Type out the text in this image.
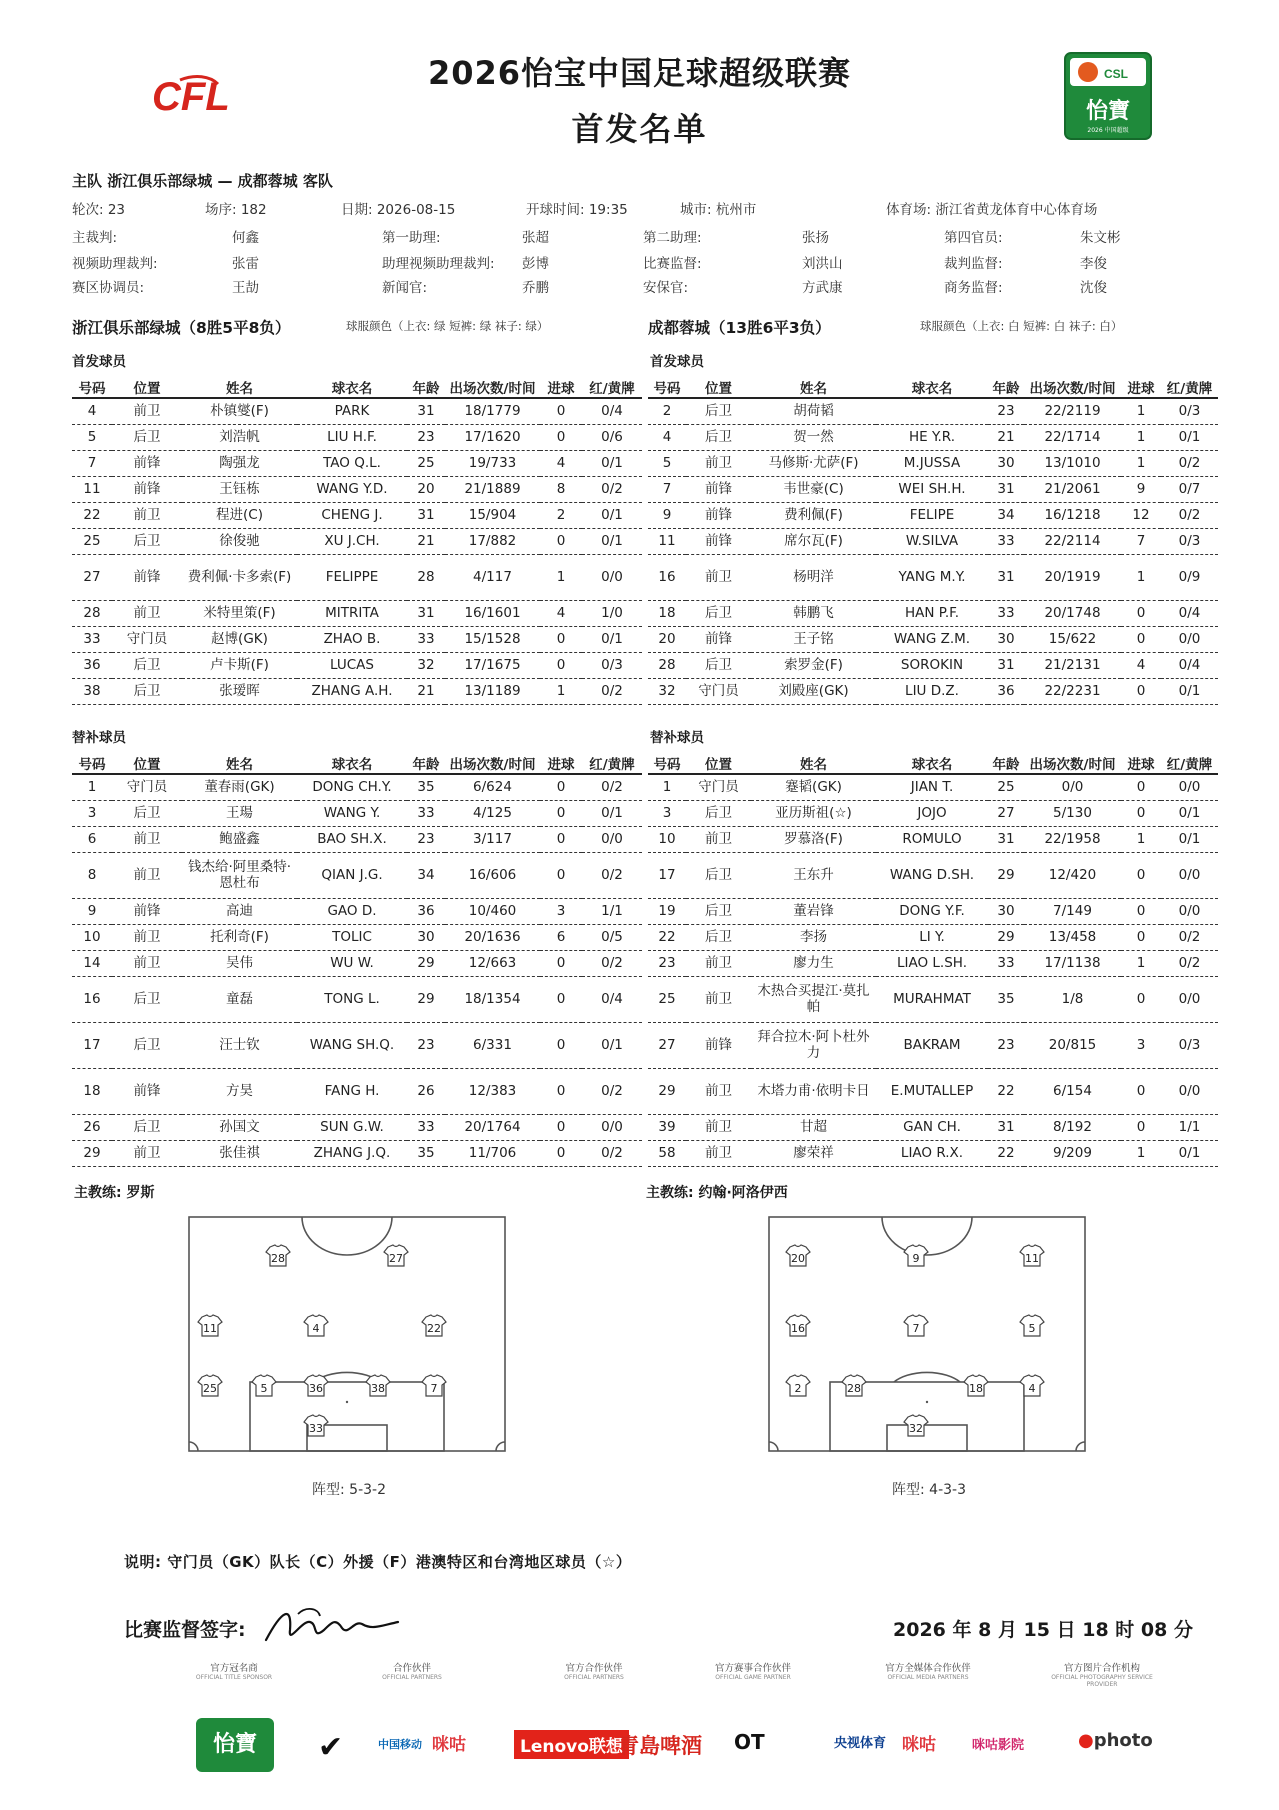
CFL
2026怡宝中国足球超级联赛
首发名单
CSL
怡寶
2026 中国超级
主队 浙江俱乐部绿城 — 成都蓉城 客队
轮次: 23	场序: 182	日期: 2026-08-15	开球时间: 19:35	城市: 杭州市	体育场: 浙江省黄龙体育中心体育场
主裁判:	何鑫	第一助理:	张超	第二助理:	张扬	第四官员:	朱文彬
视频助理裁判:	张雷	助理视频助理裁判: 彭博	比赛监督:	刘洪山	裁判监督:	李俊
赛区协调员:	王劼	新闻官:	乔鹏	安保官:	方武康	商务监督:	沈俊
浙江俱乐部绿城（8胜5平8负）	球服颜色（上衣: 绿 短裤: 绿 袜子: 绿）	成都蓉城（13胜6平3负）	球服颜色（上衣: 白 短裤: 白 袜子: 白）
首发球员	首发球员
号码	位置	姓名	球衣名	年龄	出场次数/时间	进球	红/黄牌
4	前卫	朴镇燮(F)	PARK	31	18/1779	0	0/4
5	后卫	刘浩帆	LIU H.F.	23	17/1620	0	0/6
7	前锋	陶强龙	TAO Q.L.	25	19/733	4	0/1
11	前锋	王钰栋	WANG Y.D.	20	21/1889	8	0/2
22	前卫	程进(C)	CHENG J.	31	15/904	2	0/1
25	后卫	徐俊驰	XU J.CH.	21	17/882	0	0/1
27	前锋	费利佩·卡多索(F)	FELIPPE	28	4/117	1	0/0
28	前卫	米特里策(F)	MITRITA	31	16/1601	4	1/0
33	守门员	赵博(GK)	ZHAO B.	33	15/1528	0	0/1
36	后卫	卢卡斯(F)	LUCAS	32	17/1675	0	0/3
38	后卫	张瑷晖	ZHANG A.H.	21	13/1189	1	0/2
号码	位置	姓名	球衣名	年龄	出场次数/时间	进球	红/黄牌
2	后卫	胡荷韬		23	22/2119	1	0/3
4	后卫	贺一然	HE Y.R.	21	22/1714	1	0/1
5	前卫	马修斯·尤萨(F)	M.JUSSA	30	13/1010	1	0/2
7	前锋	韦世豪(C)	WEI SH.H.	31	21/2061	9	0/7
9	前锋	费利佩(F)	FELIPE	34	16/1218	12	0/2
11	前锋	席尔瓦(F)	W.SILVA	33	22/2114	7	0/3
16	前卫	杨明洋	YANG M.Y.	31	20/1919	1	0/9
18	后卫	韩鹏飞	HAN P.F.	33	20/1748	0	0/4
20	前锋	王子铭	WANG Z.M.	30	15/622	0	0/0
28	后卫	索罗金(F)	SOROKIN	31	21/2131	4	0/4
32	守门员	刘殿座(GK)	LIU D.Z.	36	22/2231	0	0/1
替补球员	替补球员
号码	位置	姓名	球衣名	年龄	出场次数/时间	进球	红/黄牌
1	守门员	董春雨(GK)	DONG CH.Y.	35	6/624	0	0/2
3	后卫	王瑒	WANG Y.	33	4/125	0	0/1
6	前卫	鲍盛鑫	BAO SH.X.	23	3/117	0	0/0
8	前卫	钱杰给·阿里桑特·恩杜布	QIAN J.G.	34	16/606	0	0/2
9	前锋	高迪	GAO D.	36	10/460	3	1/1
10	前卫	托利奇(F)	TOLIC	30	20/1636	6	0/5
14	前卫	吴伟	WU W.	29	12/663	0	0/2
16	后卫	童磊	TONG L.	29	18/1354	0	0/4
17	后卫	汪士钦	WANG SH.Q.	23	6/331	0	0/1
18	前锋	方昊	FANG H.	26	12/383	0	0/2
26	后卫	孙国文	SUN G.W.	33	20/1764	0	0/0
29	前卫	张佳祺	ZHANG J.Q.	35	11/706	0	0/2
号码	位置	姓名	球衣名	年龄	出场次数/时间	进球	红/黄牌
1	守门员	蹇韬(GK)	JIAN T.	25	0/0	0	0/0
3	后卫	亚历斯祖(☆)	JOJO	27	5/130	0	0/1
10	前卫	罗慕洛(F)	ROMULO	31	22/1958	1	0/1
17	后卫	王东升	WANG D.SH.	29	12/420	0	0/0
19	后卫	董岩锋	DONG Y.F.	30	7/149	0	0/0
22	后卫	李扬	LI Y.	29	13/458	0	0/2
23	前卫	廖力生	LIAO L.SH.	33	17/1138	1	0/2
25	前卫	木热合买提江·莫扎帕	MURAHMAT	35	1/8	0	0/0
27	前锋	拜合拉木·阿卜杜外力	BAKRAM	23	20/815	3	0/3
29	前卫	木塔力甫·依明卡日	E.MUTALLEP	22	6/154	0	0/0
39	前卫	甘超	GAN CH.	31	8/192	0	1/1
58	前卫	廖荣祥	LIAO R.X.	22	9/209	1	0/1
主教练: 罗斯	主教练: 约翰·阿洛伊西
28	27
11	4	22
25	5	36	38	7
33
20	9	11
16	7	5
2	28	18	4
32
阵型: 5-3-2	阵型: 4-3-3
说明: 守门员（GK）队长（C）外援（F）港澳特区和台湾地区球员（☆）
比赛监督签字:	2026 年 8 月 15 日 18 时 08 分
官方冠名商
OFFICIAL TITLE SPONSOR
合作伙伴
OFFICIAL PARTNERS
官方合作伙伴
OFFICIAL PARTNERS
官方赛事合作伙伴
OFFICIAL GAME PARTNER
官方全媒体合作伙伴
OFFICIAL MEDIA PARTNERS
官方图片合作机构
OFFICIAL PHOTOGRAPHY SERVICE PROVIDER
怡寶	✔	中国移动 咪咕	Lenovo联想
青島啤酒 ОТ	央视体育 咪咕	咪咕影院	●photo
